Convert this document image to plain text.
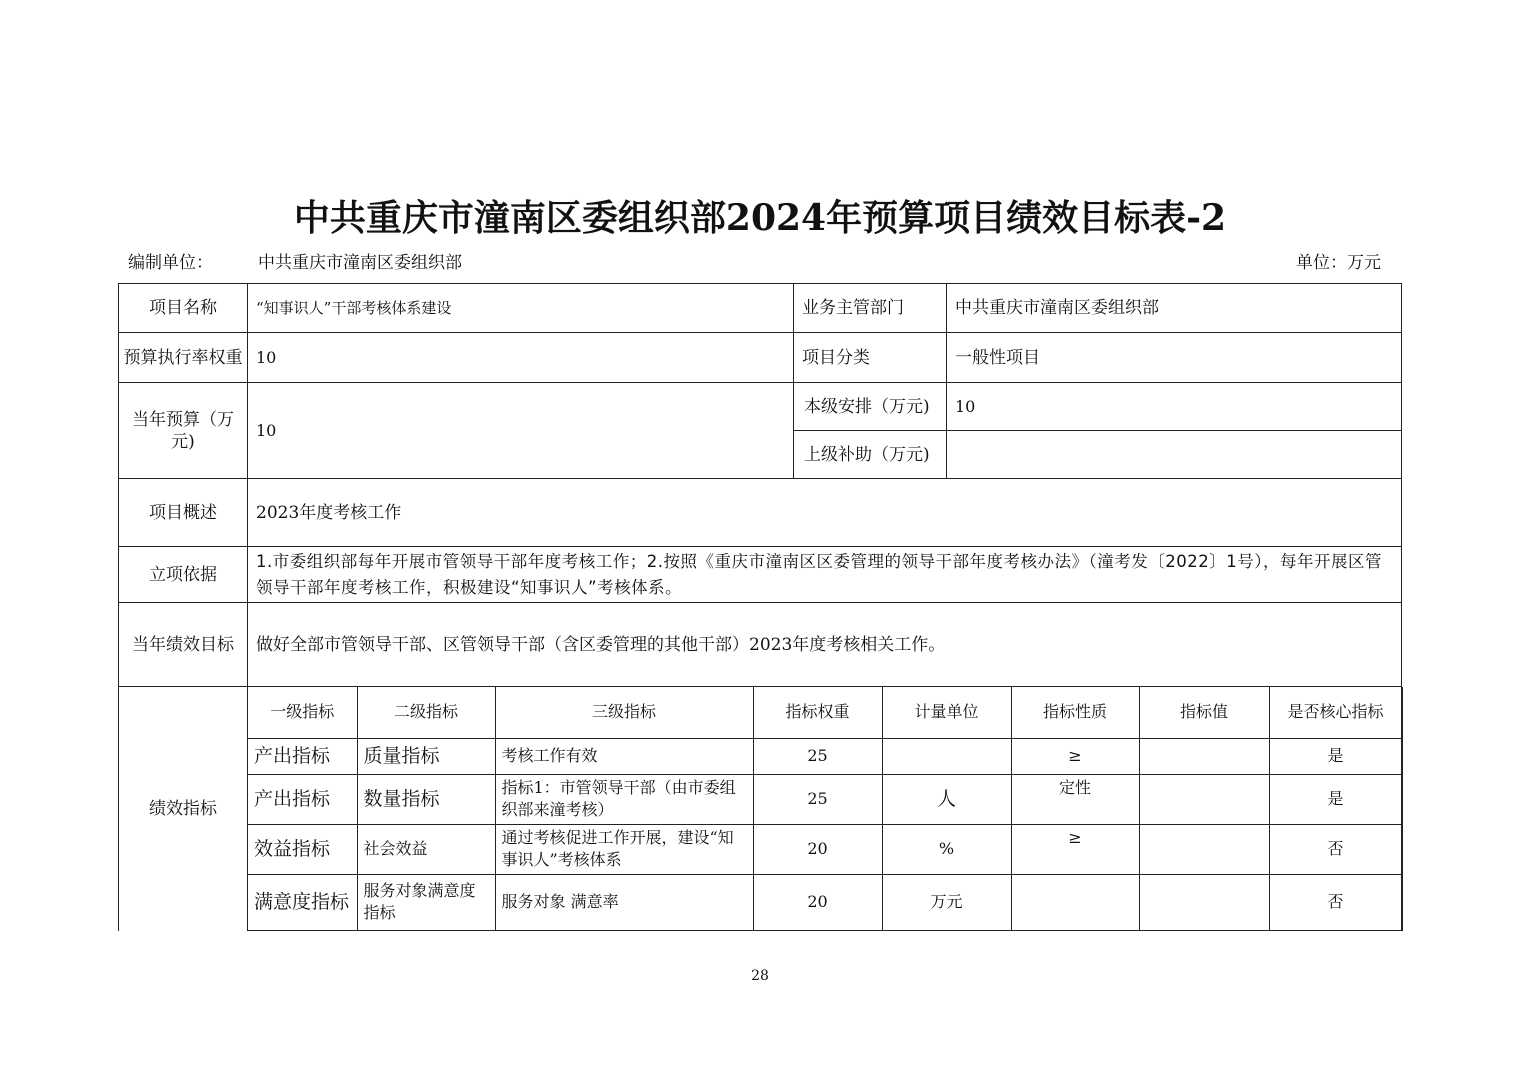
中共重庆市潼南区委组织部2024年预算项目绩效目标表-2
编制单位：	中共重庆市潼南区委组织部	单位：万元
项目名称	“知事识人”干部考核体系建设	业务主管部门	中共重庆市潼南区委组织部
预算执行率权重	10	项目分类	一般性项目
当年预算（万元)	10	本级安排（万元)	10
上级补助（万元)	
项目概述	2023年度考核工作
立项依据	1.市委组织部每年开展市管领导干部年度考核工作；2.按照《重庆市潼南区区委管理的领导干部年度考核办法》（潼考发〔2022〕1号），每年开展区管领导干部年度考核工作，积极建设“知事识人”考核体系。
当年绩效目标	做好全部市管领导干部、区管领导干部（含区委管理的其他干部）2023年度考核相关工作。
绩效指标	
一级指标	二级指标	三级指标	指标权重	计量单位	指标性质	指标值	是否核心指标
产出指标	质量指标	考核工作有效	25		≥		是
产出指标	数量指标	指标1：市管领导干部（由市委组织部来潼考核）	25	人	定性		是
效益指标	社会效益	通过考核促进工作开展，建设“知事识人”考核体系	20	%	≥		否
满意度指标	服务对象满意度指标	服务对象 满意率	20	万元			否
28
